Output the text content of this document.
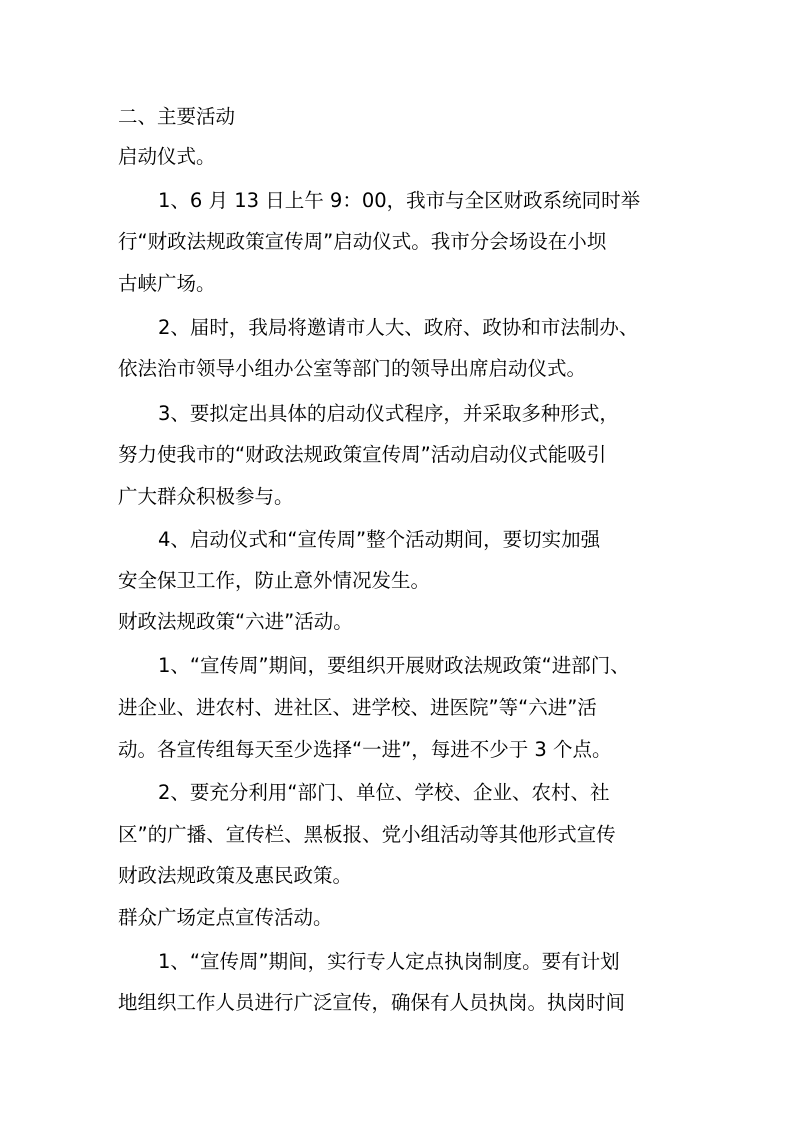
二、主要活动

启动仪式。

1、6 月 13 日上午 9：00，我市与全区财政系统同时举

行“财政法规政策宣传周”启动仪式。我市分会场设在小坝

古峡广场。

2、届时，我局将邀请市人大、政府、政协和市法制办、

依法治市领导小组办公室等部门的领导出席启动仪式。

3、要拟定出具体的启动仪式程序，并采取多种形式，

努力使我市的“财政法规政策宣传周”活动启动仪式能吸引

广大群众积极参与。

4、启动仪式和“宣传周”整个活动期间，要切实加强

安全保卫工作，防止意外情况发生。

财政法规政策“六进”活动。

1、“宣传周”期间，要组织开展财政法规政策“进部门、

进企业、进农村、进社区、进学校、进医院”等“六进”活

动。各宣传组每天至少选择“一进”，每进不少于 3 个点。

2、要充分利用“部门、单位、学校、企业、农村、社

区”的广播、宣传栏、黑板报、党小组活动等其他形式宣传

财政法规政策及惠民政策。

群众广场定点宣传活动。

1、“宣传周”期间，实行专人定点执岗制度。要有计划

地组织工作人员进行广泛宣传，确保有人员执岗。执岗时间
